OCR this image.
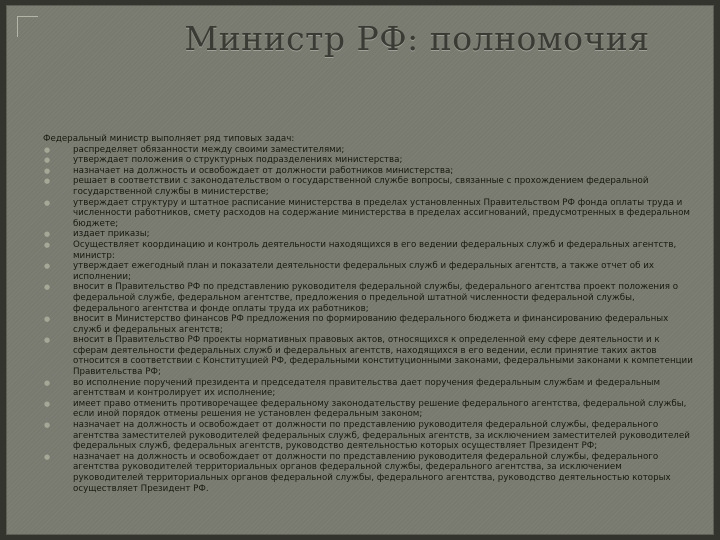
Министр РФ: полномочия

Федеральный министр выполняет ряд типовых задач:

● распределяет обязанности между своими заместителями;
● утверждает положения о структурных подразделениях министерства;
● назначает на должность и освобождает от должности работников министерства;
● решает в соответствии с законодательством о государственной службе вопросы, связанные с прохождением федеральной государственной службы в министерстве;
● утверждает структуру и штатное расписание министерства в пределах установленных Правительством РФ фонда оплаты труда и численности работников, смету расходов на содержание министерства в пределах ассигнований, предусмотренных в федеральном бюджете;
● издает приказы;
● Осуществляет координацию и контроль деятельности находящихся в его ведении федеральных служб и федеральных агентств, министр:
● утверждает ежегодный план и показатели деятельности федеральных служб и федеральных агентств, а также отчет об их исполнении;
● вносит в Правительство РФ по представлению руководителя федеральной службы, федерального агентства проект положения о федеральной службе, федеральном агентстве, предложения о предельной штатной численности федеральной службы, федерального агентства и фонде оплаты труда их работников;
● вносит в Министерство финансов РФ предложения по формированию федерального бюджета и финансированию федеральных служб и федеральных агентств;
● вносит в Правительство РФ проекты нормативных правовых актов, относящихся к определенной ему сфере деятельности и к сферам деятельности федеральных служб и федеральных агентств, находящихся в его ведении, если принятие таких актов относится в соответствии с Конституцией РФ, федеральными конституционными законами, федеральными законами к компетенции Правительства РФ;
● во исполнение поручений президента и председателя правительства дает поручения федеральным службам и федеральным агентствам и контролирует их исполнение;
● имеет право отменить противоречащее федеральному законодательству решение федерального агентства, федеральной службы, если иной порядок отмены решения не установлен федеральным законом;
● назначает на должность и освобождает от должности по представлению руководителя федеральной службы, федерального агентства заместителей руководителей федеральных служб, федеральных агентств, за исключением заместителей руководителей федеральных служб, федеральных агентств, руководство деятельностью которых осуществляет Президент РФ;
● назначает на должность и освобождает от должности по представлению руководителя федеральной службы, федерального агентства руководителей территориальных органов федеральной службы, федерального агентства, за исключением руководителей территориальных органов федеральной службы, федерального агентства, руководство деятельностью которых осуществляет Президент РФ.
